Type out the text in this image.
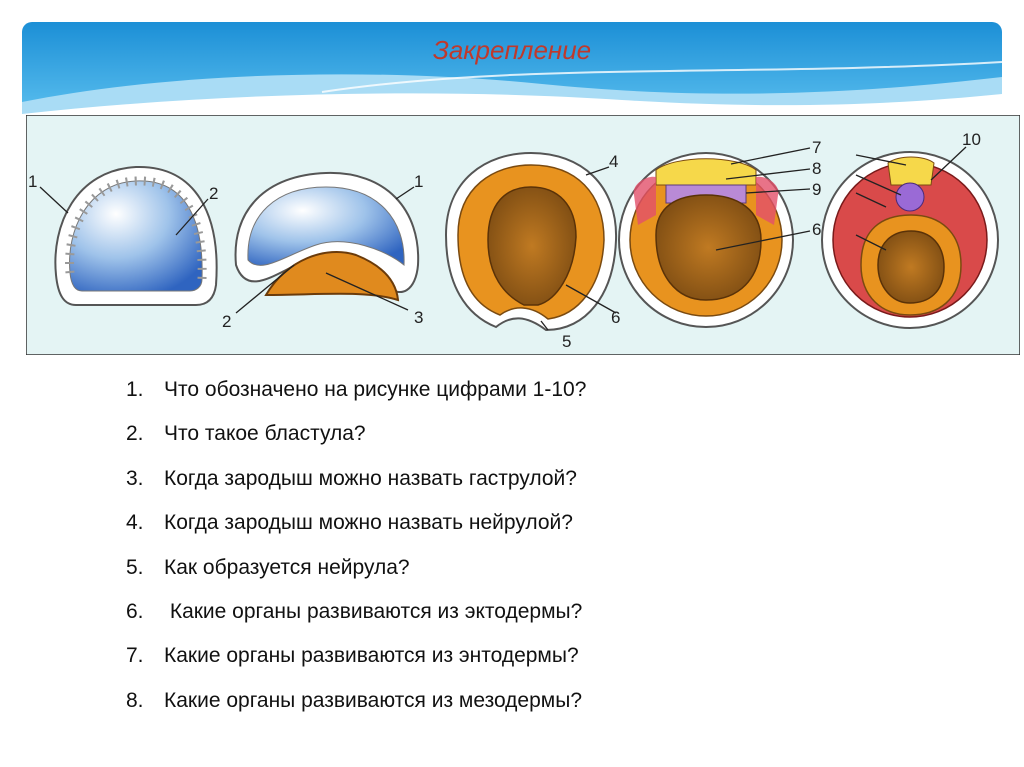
Закрепление
1
2
1
2	3
4
5
6
7
8
9
6
10
1. Что обозначено на рисунке цифрами 1-10?
2. Что такое бластула?
3. Когда зародыш можно назвать гаструлой?
4. Когда зародыш можно назвать нейрулой?
5. Как образуется нейрула?
6. Какие органы развиваются из эктодермы?
7. Какие органы развиваются из энтодермы?
8. Какие органы развиваются из мезодермы?
